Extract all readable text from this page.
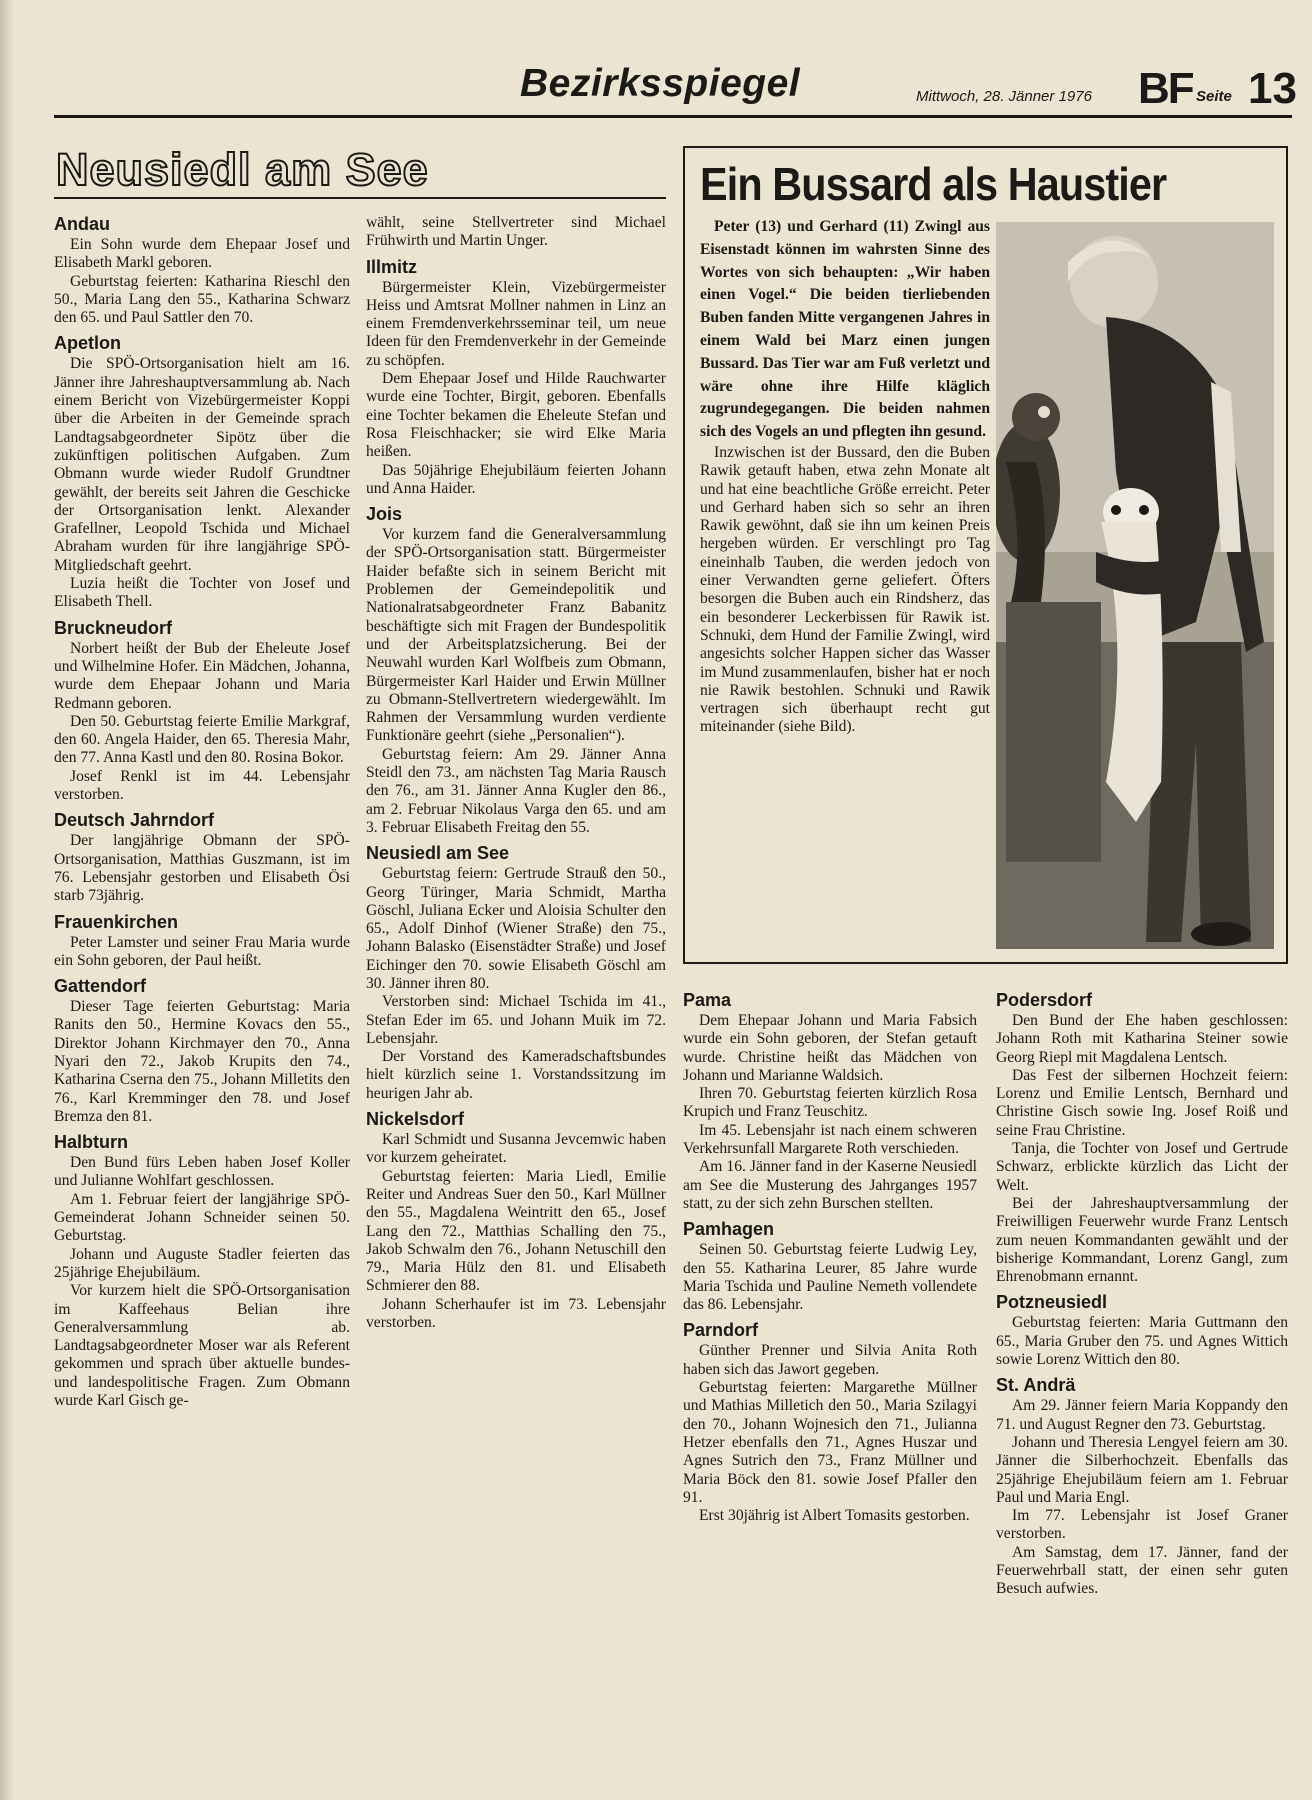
Bezirksspiegel	Mittwoch, 28. Jänner 1976 BF Seite 13
Neusiedl am See
Andau

Ein Sohn wurde dem Ehepaar Josef und Elisabeth Markl geboren.

Geburtstag feierten: Katharina Rieschl den 50., Maria Lang den 55., Katharina Schwarz den 65. und Paul Sattler den 70.

Apetlon

Die SPÖ-Ortsorganisation hielt am 16. Jänner ihre Jahreshauptversammlung ab. Nach einem Bericht von Vizebürgermeister Koppi über die Arbeiten in der Gemeinde sprach Landtagsabgeordneter Sipötz über die zukünftigen politischen Aufgaben. Zum Obmann wurde wieder Rudolf Grundtner gewählt, der bereits seit Jahren die Geschicke der Ortsorganisation lenkt. Alexander Grafellner, Leopold Tschida und Michael Abraham wurden für ihre langjährige SPÖ-Mitgliedschaft geehrt.

Luzia heißt die Tochter von Josef und Elisabeth Thell.

Bruckneudorf

Norbert heißt der Bub der Eheleute Josef und Wilhelmine Hofer. Ein Mädchen, Johanna, wurde dem Ehepaar Johann und Maria Redmann geboren.

Den 50. Geburtstag feierte Emilie Markgraf, den 60. Angela Haider, den 65. Theresia Mahr, den 77. Anna Kastl und den 80. Rosina Bokor.

Josef Renkl ist im 44. Lebensjahr verstorben.

Deutsch Jahrndorf

Der langjährige Obmann der SPÖ-Ortsorganisation, Matthias Guszmann, ist im 76. Lebensjahr gestorben und Elisabeth Ösi starb 73jährig.

Frauenkirchen

Peter Lamster und seiner Frau Maria wurde ein Sohn geboren, der Paul heißt.

Gattendorf

Dieser Tage feierten Geburtstag: Maria Ranits den 50., Hermine Kovacs den 55., Direktor Johann Kirchmayer den 70., Anna Nyari den 72., Jakob Krupits den 74., Katharina Cserna den 75., Johann Milletits den 76., Karl Kremminger den 78. und Josef Bremza den 81.

Halbturn

Den Bund fürs Leben haben Josef Koller und Julianne Wohlfart geschlossen.

Am 1. Februar feiert der langjährige SPÖ-Gemeinderat Johann Schneider seinen 50. Geburtstag.

Johann und Auguste Stadler feierten das 25jährige Ehejubiläum.

Vor kurzem hielt die SPÖ-Ortsorganisation im Kaffeehaus Belian ihre Generalversammlung ab. Landtagsabgeordneter Moser war als Referent gekommen und sprach über aktuelle bundes- und landespolitische Fragen. Zum Obmann wurde Karl Gisch ge-

wählt, seine Stellvertreter sind Michael Frühwirth und Martin Unger.

Illmitz

Bürgermeister Klein, Vizebürgermeister Heiss und Amtsrat Mollner nahmen in Linz an einem Fremdenverkehrsseminar teil, um neue Ideen für den Fremdenverkehr in der Gemeinde zu schöpfen.

Dem Ehepaar Josef und Hilde Rauchwarter wurde eine Tochter, Birgit, geboren. Ebenfalls eine Tochter bekamen die Eheleute Stefan und Rosa Fleischhacker; sie wird Elke Maria heißen.

Das 50jährige Ehejubiläum feierten Johann und Anna Haider.

Jois

Vor kurzem fand die Generalversammlung der SPÖ-Ortsorganisation statt. Bürgermeister Haider befaßte sich in seinem Bericht mit Problemen der Gemeindepolitik und Nationalratsabgeordneter Franz Babanitz beschäftigte sich mit Fragen der Bundespolitik und der Arbeitsplatzsicherung. Bei der Neuwahl wurden Karl Wolfbeis zum Obmann, Bürgermeister Karl Haider und Erwin Müllner zu Obmann-Stellvertretern wiedergewählt. Im Rahmen der Versammlung wurden verdiente Funktionäre geehrt (siehe „Personalien“).

Geburtstag feiern: Am 29. Jänner Anna Steidl den 73., am nächsten Tag Maria Rausch den 76., am 31. Jänner Anna Kugler den 86., am 2. Februar Nikolaus Varga den 65. und am 3. Februar Elisabeth Freitag den 55.

Neusiedl am See

Geburtstag feiern: Gertrude Strauß den 50., Georg Türinger, Maria Schmidt, Martha Göschl, Juliana Ecker und Aloisia Schulter den 65., Adolf Dinhof (Wiener Straße) den 75., Johann Balasko (Eisenstädter Straße) und Josef Eichinger den 70. sowie Elisabeth Göschl am 30. Jänner ihren 80.

Verstorben sind: Michael Tschida im 41., Stefan Eder im 65. und Johann Muik im 72. Lebensjahr.

Der Vorstand des Kameradschaftsbundes hielt kürzlich seine 1. Vorstandssitzung im heurigen Jahr ab.

Nickelsdorf

Karl Schmidt und Susanna Jevcemwic haben vor kurzem geheiratet.

Geburtstag feierten: Maria Liedl, Emilie Reiter und Andreas Suer den 50., Karl Müllner den 55., Magdalena Weintritt den 65., Josef Lang den 72., Matthias Schalling den 75., Jakob Schwalm den 76., Johann Netuschill den 79., Maria Hülz den 81. und Elisabeth Schmierer den 88.

Johann Scherhaufer ist im 73. Lebensjahr verstorben.

Ein Bussard als Haustier

Peter (13) und Gerhard (11) Zwingl aus Eisenstadt können im wahrsten Sinne des Wortes von sich behaupten: „Wir haben einen Vogel.“ Die beiden tierliebenden Buben fanden Mitte vergangenen Jahres in einem Wald bei Marz einen jungen Bussard. Das Tier war am Fuß verletzt und wäre ohne ihre Hilfe kläglich zugrundegegangen. Die beiden nahmen sich des Vogels an und pflegten ihn gesund.

Inzwischen ist der Bussard, den die Buben Rawik getauft haben, etwa zehn Monate alt und hat eine beachtliche Größe erreicht. Peter und Gerhard haben sich so sehr an ihren Rawik gewöhnt, daß sie ihn um keinen Preis hergeben würden. Er verschlingt pro Tag eineinhalb Tauben, die werden jedoch von einer Verwandten gerne geliefert. Öfters besorgen die Buben auch ein Rindsherz, das ein besonderer Leckerbissen für Rawik ist. Schnuki, dem Hund der Familie Zwingl, wird angesichts solcher Happen sicher das Wasser im Mund zusammenlaufen, bisher hat er noch nie Rawik bestohlen. Schnuki und Rawik vertragen sich überhaupt recht gut miteinander (siehe Bild).

Pama

Dem Ehepaar Johann und Maria Fabsich wurde ein Sohn geboren, der Stefan getauft wurde. Christine heißt das Mädchen von Johann und Marianne Waldsich.

Ihren 70. Geburtstag feierten kürzlich Rosa Krupich und Franz Teuschitz.

Im 45. Lebensjahr ist nach einem schweren Verkehrsunfall Margarete Roth verschieden.

Am 16. Jänner fand in der Kaserne Neusiedl am See die Musterung des Jahrganges 1957 statt, zu der sich zehn Burschen stellten.

Pamhagen

Seinen 50. Geburtstag feierte Ludwig Ley, den 55. Katharina Leurer, 85 Jahre wurde Maria Tschida und Pauline Nemeth vollendete das 86. Lebensjahr.

Parndorf

Günther Prenner und Silvia Anita Roth haben sich das Jawort gegeben.

Geburtstag feierten: Margarethe Müllner und Mathias Milletich den 50., Maria Szilagyi den 70., Johann Wojnesich den 71., Julianna Hetzer ebenfalls den 71., Agnes Huszar und Agnes Sutrich den 73., Franz Müllner und Maria Böck den 81. sowie Josef Pfaller den 91.

Erst 30jährig ist Albert Tomasits gestorben.

Podersdorf

Den Bund der Ehe haben geschlossen: Johann Roth mit Katharina Steiner sowie Georg Riepl mit Magdalena Lentsch.

Das Fest der silbernen Hochzeit feiern: Lorenz und Emilie Lentsch, Bernhard und Christine Gisch sowie Ing. Josef Roiß und seine Frau Christine.

Tanja, die Tochter von Josef und Gertrude Schwarz, erblickte kürzlich das Licht der Welt.

Bei der Jahreshauptversammlung der Freiwilligen Feuerwehr wurde Franz Lentsch zum neuen Kommandanten gewählt und der bisherige Kommandant, Lorenz Gangl, zum Ehrenobmann ernannt.

Potzneusiedl

Geburtstag feierten: Maria Guttmann den 65., Maria Gruber den 75. und Agnes Wittich sowie Lorenz Wittich den 80.

St. Andrä

Am 29. Jänner feiern Maria Koppandy den 71. und August Regner den 73. Geburtstag.

Johann und Theresia Lengyel feiern am 30. Jänner die Silberhochzeit. Ebenfalls das 25jährige Ehejubiläum feiern am 1. Februar Paul und Maria Engl.

Im 77. Lebensjahr ist Josef Graner verstorben.

Am Samstag, dem 17. Jänner, fand der Feuerwehrball statt, der einen sehr guten Besuch aufwies.
